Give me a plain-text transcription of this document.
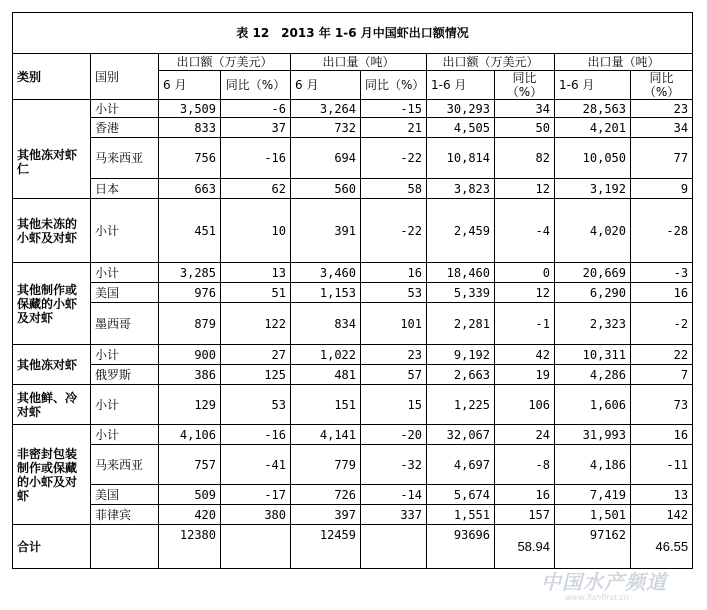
表 12　2013 年 1-6 月中国虾出口额情况									
类别	国别	出口额（万美元）		出口量（吨）		出口额（万美元）		出口量（吨）	
		6 月	同比（%）	6 月	同比（%）	1-6 月	同比（%）	1-6 月	同比（%）
其他冻对虾仁	小计	3,509	-6	3,264	-15	30,293	34	28,563	23
	香港	833	37	732	21	4,505	50	4,201	34
	马来西亚	756	-16	694	-22	10,814	82	10,050	77
	日本	663	62	560	58	3,823	12	3,192	9
其他未冻的小虾及对虾	小计	451	10	391	-22	2,459	-4	4,020	-28
其他制作或保藏的小虾及对虾	小计	3,285	13	3,460	16	18,460	0	20,669	-3
	美国	976	51	1,153	53	5,339	12	6,290	16
	墨西哥	879	122	834	101	2,281	-1	2,323	-2
其他冻对虾	小计	900	27	1,022	23	9,192	42	10,311	22
	俄罗斯	386	125	481	57	2,663	19	4,286	7
其他鲜、冷对虾	小计	129	53	151	15	1,225	106	1,606	73
非密封包装制作或保藏的小虾及对虾	小计	4,106	-16	4,141	-20	32,067	24	31,993	16
	马来西亚	757	-41	779	-32	4,697	-8	4,186	-11
	美国	509	-17	726	-14	5,674	16	7,419	13
	菲律宾	420	380	397	337	1,551	157	1,501	142
合计		12380		12459		93696	58.94	97162	46.55
中国水产频道
www.fishfirst.cn
